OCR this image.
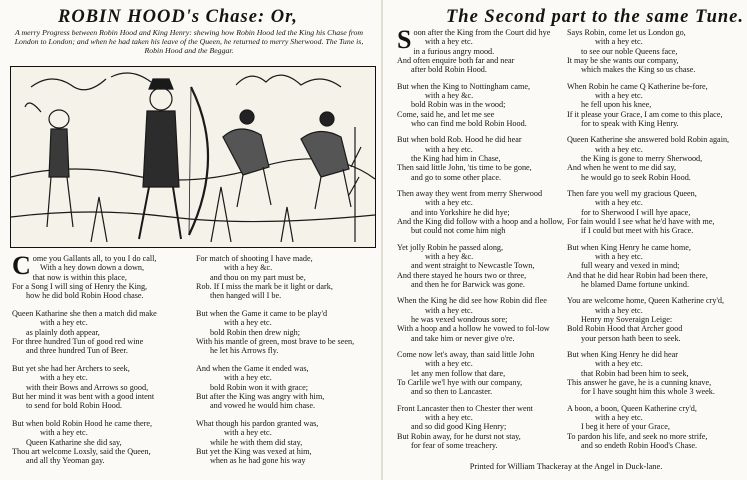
ROBIN HOOD's Chase: Or,	The Second part to the same Tune.
A merry Progress between Robin Hood and King Henry: shewing how Robin Hood led the King his Chase from London to London; and when he had taken his leave of the Queen, he returned to merry Sherwood. The Tune is, Robin Hood and the Beggar.
C ome you Gallants all, to you I do call,
With a hey down down a down,
that now is within this place,
For a Song I will sing of Henry the King,
how he did bold Robin Hood chase.
Queen Katharine she then a match did make
with a hey etc.
as plainly doth appear,
For three hundred Tun of good red wine
and three hundred Tun of Beer.
But yet she had her Archers to seek,
with a hey etc.
with their Bows and Arrows so good,
But her mind it was bent with a good intent
to send for bold Robin Hood.
But when bold Robin Hood he came there,
with a hey etc.
Queen Katharine she did say,
Thou art welcome Loxsly, said the Queen,
and all thy Yeoman gay.
For match of shooting I have made,
with a hey &c.
and thou on my part must be,
Rob. If I miss the mark be it light or dark,
then hanged will I be.
But when the Game it came to be play'd
with a hey etc.
bold Robin then drew nigh;
With his mantle of green, most brave to be seen,
he let his Arrows fly.
And when the Game it ended was,
with a hey etc.
bold Robin won it with grace;
But after the King was angry with him,
and vowed he would him chase.
What though his pardon granted was,
with a hey etc.
while he with them did stay,
But yet the King was vexed at him,
when as he had gone his way
S oon after the King from the Court did hye
with a hey etc.
in a furious angry mood.
And often enquire both far and near
after bold Robin Hood.
But when the King to Nottingham came,
with a hey &c.
bold Robin was in the wood;
Come, said he, and let me see
who can find me bold Robin Hood.
But when bold Rob. Hood he did hear
with a hey etc.
the King had him in Chase,
Then said little John, 'tis time to be gone,
and go to some other place.
Then away they went from merry Sherwood
with a hey etc.
and into Yorkshire he did hye;
And the King did follow with a hoop and a hollow,
but could not come him nigh
Yet jolly Robin he passed along,
with a hey &c.
and went straight to Newcastle Town,
And there stayed he hours two or three,
and then he for Barwick was gone.
When the King he did see how Robin did flee
with a hey etc.
he was vexed wondrous sore;
With a hoop and a hollow he vowed to fol-low
and take him or never give o're.
Come now let's away, than said little John
with a hey etc.
let any men follow that dare,
To Carlile we'l hye with our company,
and so then to Lancaster.
Front Lancaster then to Chester ther went
with a hey etc.
and so did good King Henry;
But Robin away, for he durst not stay,
for fear of some treachery.
Says Robin, come let us London go,
with a hey etc.
to see our noble Queens face,
It may be she wants our company,
which makes the King so us chase.
When Robin he came Q Katherine be-fore,
with a hey etc.
he fell upon his knee,
If it please your Grace, I am come to this place,
for to speak with King Henry.
Queen Katherine she answered bold Robin again,
with a hey etc.
the King is gone to merry Sherwood,
And when he went to me did say,
he would go to seek Robin Hood.
Then fare you well my gracious Queen,
with a hey etc.
for to Sherwood I will hye apace,
For fain would I see what he'd have with me,
if I could but meet with his Grace.
But when King Henry he came home,
with a hey etc.
full weary and vexed in mind;
And that he did hear Robin had been there,
he blamed Dame fortune unkind.
You are welcome home, Queen Katherine cry'd,
with a hey etc.
Henry my Soveraign Leige:
Bold Robin Hood that Archer good
your person hath been to seek.
But when King Henry he did hear
with a hey etc.
that Robin had been him to seek,
This answer he gave, he is a cunning knave,
for I have sought him this whole 3 week.
A boon, a boon, Queen Katherine cry'd,
with a hey etc.
I beg it here of your Grace,
To pardon his life, and seek no more strife,
and so endeth Robin Hood's Chase.
Printed for William Thackeray at the Angel in Duck-lane.
